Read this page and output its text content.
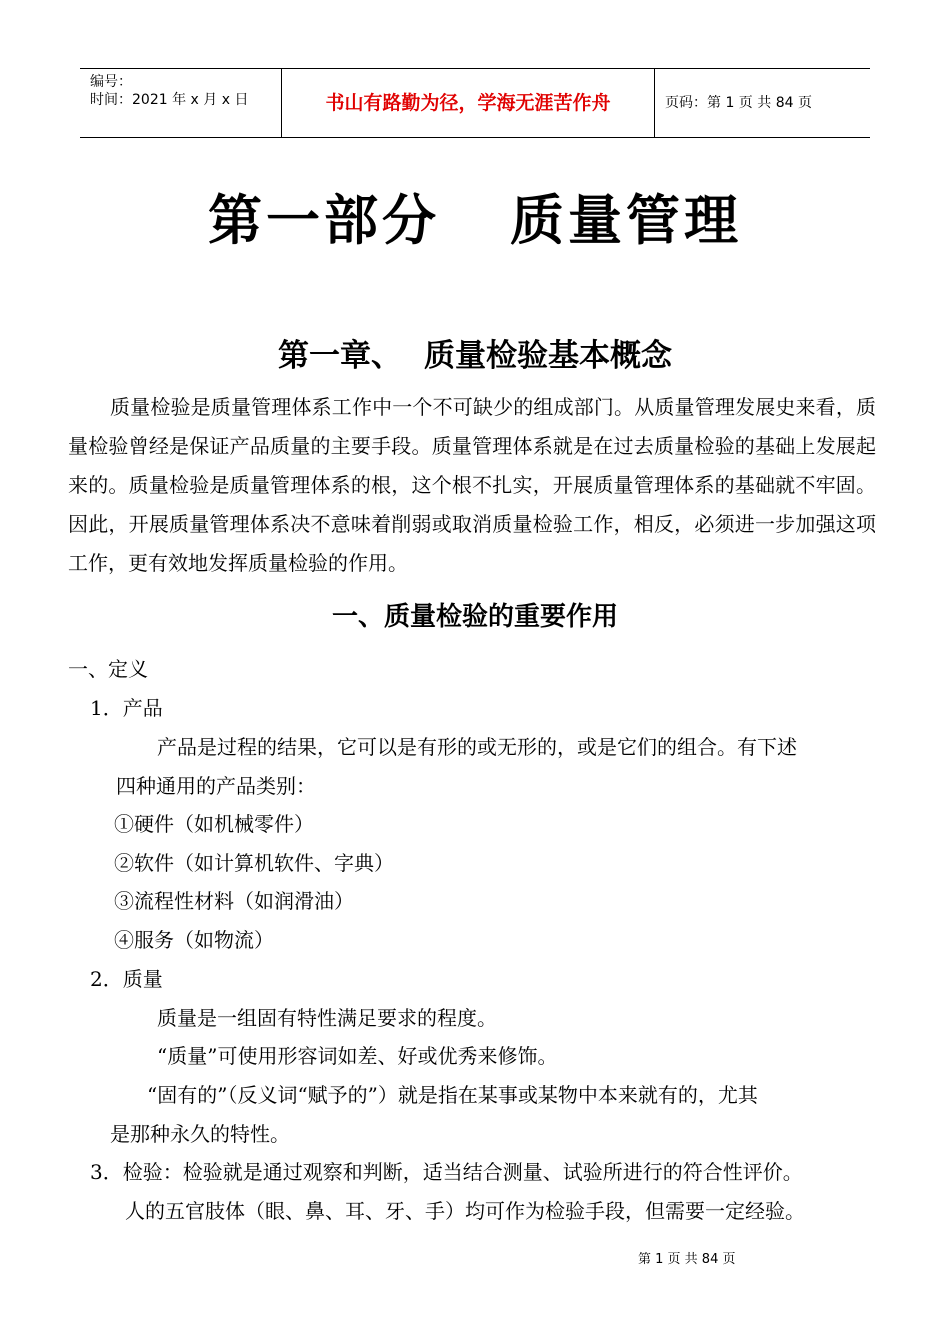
编号：
时间：2021 年 x 月 x 日	书山有路勤为径，学海无涯苦作舟	页码：第 1 页 共 84 页
第一部分 质量管理
第一章、 质量检验基本概念

质量检验是质量管理体系工作中一个不可缺少的组成部门。从质量管理发展史来看，质量检验曾经是保证产品质量的主要手段。质量管理体系就是在过去质量检验的基础上发展起来的。质量检验是质量管理体系的根，这个根不扎实，开展质量管理体系的基础就不牢固。因此，开展质量管理体系决不意味着削弱或取消质量检验工作，相反，必须进一步加强这项工作，更有效地发挥质量检验的作用。

一、质量检验的重要作用
一、定义
1．产品
产品是过程的结果，它可以是有形的或无形的，或是它们的组合。有下述
四种通用的产品类别：
①硬件（如机械零件）
②软件（如计算机软件、字典）
③流程性材料（如润滑油）
④服务（如物流）
2．质量
质量是一组固有特性满足要求的程度。
“质量”可使用形容词如差、好或优秀来修饰。
“固有的”（反义词“赋予的”）就是指在某事或某物中本来就有的，尤其
是那种永久的特性。
3．检验：检验就是通过观察和判断，适当结合测量、试验所进行的符合性评价。
人的五官肢体（眼、鼻、耳、牙、手）均可作为检验手段，但需要一定经验。
第 1 页 共 84 页
